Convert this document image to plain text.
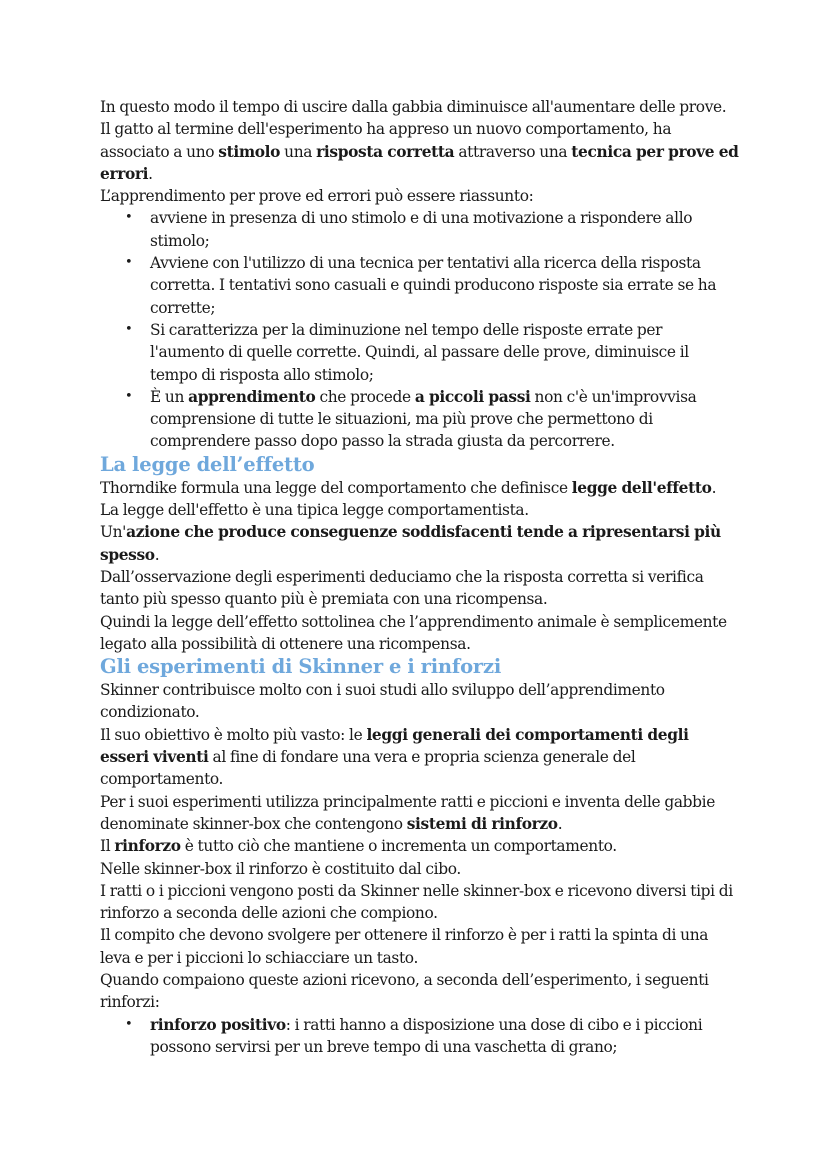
In questo modo il tempo di uscire dalla gabbia diminuisce all'aumentare delle prove.

Il gatto al termine dell'esperimento ha appreso un nuovo comportamento, ha associato a uno stimolo una risposta corretta attraverso una tecnica per prove ed errori.

L’apprendimento per prove ed errori può essere riassunto:

• avviene in presenza di uno stimolo e di una motivazione a rispondere allo stimolo;
• Avviene con l'utilizzo di una tecnica per tentativi alla ricerca della risposta corretta. I tentativi sono casuali e quindi producono risposte sia errate se ha corrette;
• Si caratterizza per la diminuzione nel tempo delle risposte errate per l'aumento di quelle corrette. Quindi, al passare delle prove, diminuisce il tempo di risposta allo stimolo;
• È un apprendimento che procede a piccoli passi non c'è un'improvvisa comprensione di tutte le situazioni, ma più prove che permettono di comprendere passo dopo passo la strada giusta da percorrere.
La legge dell’effetto

Thorndike formula una legge del comportamento che definisce legge dell'effetto.

La legge dell'effetto è una tipica legge comportamentista.

Un'azione che produce conseguenze soddisfacenti tende a ripresentarsi più spesso.

Dall’osservazione degli esperimenti deduciamo che la risposta corretta si verifica tanto più spesso quanto più è premiata con una ricompensa.

Quindi la legge dell’effetto sottolinea che l’apprendimento animale è semplicemente legato alla possibilità di ottenere una ricompensa.

Gli esperimenti di Skinner e i rinforzi

Skinner contribuisce molto con i suoi studi allo sviluppo dell’apprendimento condizionato.

Il suo obiettivo è molto più vasto: le leggi generali dei comportamenti degli esseri viventi al fine di fondare una vera e propria scienza generale del comportamento.

Per i suoi esperimenti utilizza principalmente ratti e piccioni e inventa delle gabbie denominate skinner-box che contengono sistemi di rinforzo.

Il rinforzo è tutto ciò che mantiene o incrementa un comportamento.

Nelle skinner-box il rinforzo è costituito dal cibo.

I ratti o i piccioni vengono posti da Skinner nelle skinner-box e ricevono diversi tipi di rinforzo a seconda delle azioni che compiono.

Il compito che devono svolgere per ottenere il rinforzo è per i ratti la spinta di una leva e per i piccioni lo schiacciare un tasto.

Quando compaiono queste azioni ricevono, a seconda dell’esperimento, i seguenti rinforzi:

• rinforzo positivo: i ratti hanno a disposizione una dose di cibo e i piccioni possono servirsi per un breve tempo di una vaschetta di grano;
